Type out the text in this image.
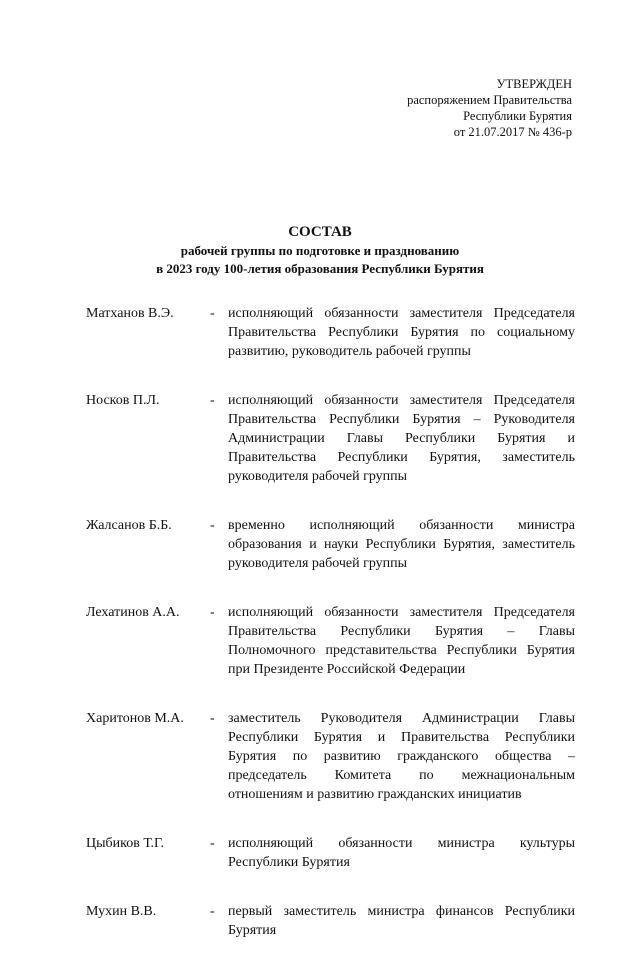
УТВЕРЖДЕН
распоряжением Правительства
Республики Бурятия
от 21.07.2017 № 436-р
СОСТАВ
рабочей группы по подготовке и празднованию
в 2023 году 100-летия образования Республики Бурятия
Матханов В.Э.	- исполняющий обязанности заместителя Председателя Правительства Республики Бурятия по социальному развитию, руководитель рабочей группы
Носков П.Л.	- исполняющий обязанности заместителя Председателя Правительства Республики Бурятия – Руководителя Администрации Главы Республики Бурятия и Правительства Республики Бурятия, заместитель руководителя рабочей группы
Жалсанов Б.Б.	- временно исполняющий обязанности министра образования и науки Республики Бурятия, заместитель руководителя рабочей группы
Лехатинов А.А.	- исполняющий обязанности заместителя Председателя Правительства Республики Бурятия – Главы Полномочного представительства Республики Бурятия при Президенте Российской Федерации
Харитонов М.А.	- заместитель Руководителя Администрации Главы Республики Бурятия и Правительства Республики Бурятия по развитию гражданского общества – председатель Комитета по межнациональным отношениям и развитию гражданских инициатив
Цыбиков Т.Г.	- исполняющий обязанности министра культуры Республики Бурятия
Мухин В.В.	- первый заместитель министра финансов Республики Бурятия
